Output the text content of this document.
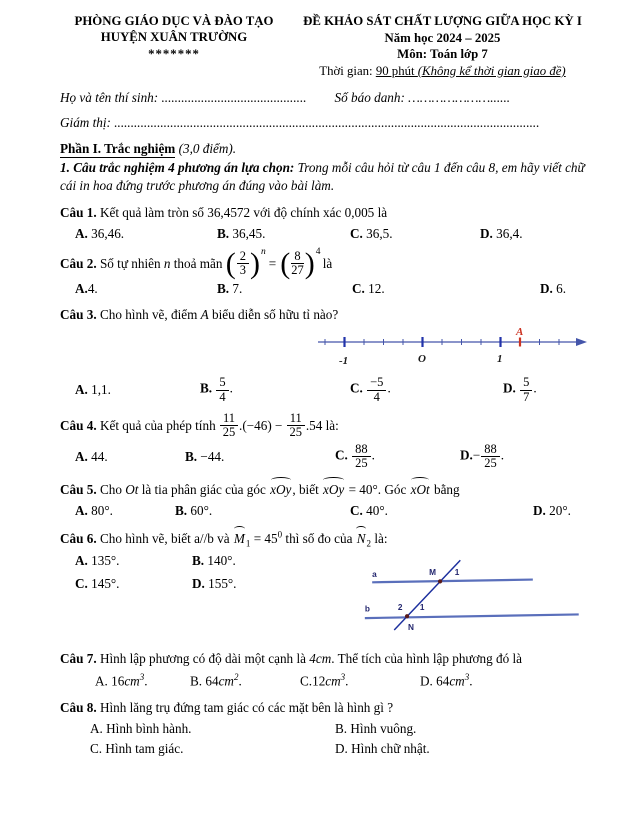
PHÒNG GIÁO DỤC VÀ ĐÀO TẠO
HUYỆN XUÂN TRƯỜNG
*******
ĐỀ KHẢO SÁT CHẤT LƯỢNG GIỮA HỌC KỲ I
Năm học 2024 – 2025
Môn: Toán lớp 7
Thời gian: 90 phút (Không kể thời gian giao đề)
Họ và tên thí sinh: ............................................ Số báo danh: …………………......
Giám thị: .................................................................................................................................
Phần I. Trắc nghiệm (3,0 điểm).
1. Câu trắc nghiệm 4 phương án lựa chọn: Trong mỗi câu hỏi từ câu 1 đến câu 8, em hãy viết chữ cái in hoa đứng trước phương án đúng vào bài làm.
Câu 1. Kết quả làm tròn số 36,4572 với độ chính xác 0,005 là
A. 36,46.	B. 36,45.	C. 36,5.	D. 36,4.
Câu 2. Số tự nhiên n thoả mãn ( $\frac{2}{3} )^n$
= ( $\frac{8}{27} )^4$
là
A.4.	B. 7.	C. 12.	D. 6.
Câu 3. Cho hình vẽ, điểm A biểu diễn số hữu tỉ nào?
-1	O	1
A
A. 1,1.	B. $\frac{5}{4}$ .	C. $\frac{-5}{4}$ .	D. $\frac{5}{7}$ .
Câu 4. Kết quả của phép tính $\frac{11}{25} .(-46) - \frac{11}{25} .54$ là:
A. 44.	B. −44.	C. $\frac{88}{25}$ .	$D.- \frac{88}{25}$ .
Câu 5. Cho Ot là tia phân giác của góc xOy, biết xOy = 40°. Góc xOt bằng
A. 80°.	B. 60°.	C. 40°.	D. 20°.
Câu 6. Cho hình vẽ, biết a//b và $M_1 = 45^0$ thì số đo của $N_2$ là:
A. 135°.	B. 140°.
C. 145°.	D. 155°.
a
b
M 1
2 1
N
Câu 7. Hình lập phương có độ dài một cạnh là 4cm. Thể tích của hình lập phương đó là
A. $16cm^3$.	B. $64cm^2$.	$C.12cm^3$.	D. $64cm^3$.
Câu 8. Hình lăng trụ đứng tam giác có các mặt bên là hình gì ?
A. Hình bình hành.	B. Hình vuông.
C. Hình tam giác.	D. Hình chữ nhật.
